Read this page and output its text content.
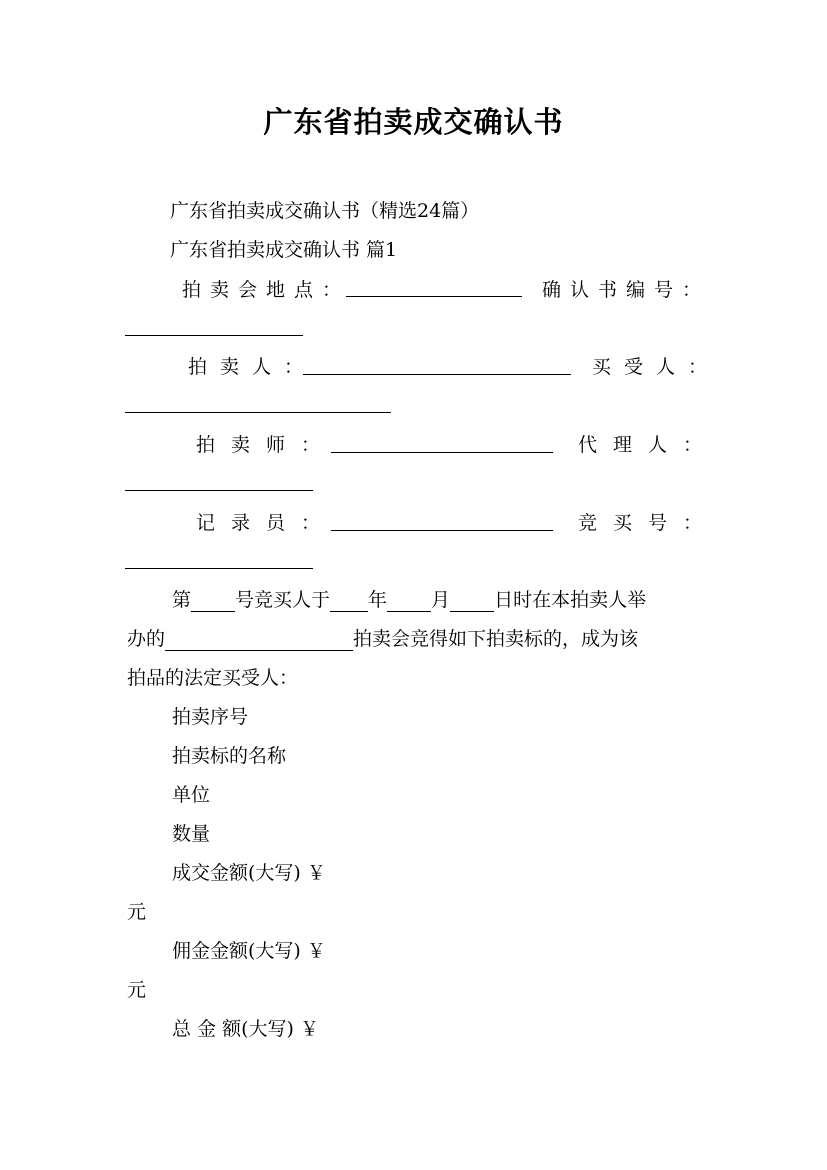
广东省拍卖成交确认书
广东省拍卖成交确认书（精选24篇）
广东省拍卖成交确认书 篇1
拍卖会地点：	确认书编号：
拍卖人：	买受人：
拍卖师：	代理人：
记录员：	竞买号：
第 号竞买人于 年 月 日时在本拍卖人举
办的	拍卖会竞得如下拍卖标的，成为该
拍品的法定买受人：
拍卖序号
拍卖标的名称
单位
数量
成交金额(大写) ￥
元
佣金金额(大写) ￥
元
总 金 额(大写) ￥
